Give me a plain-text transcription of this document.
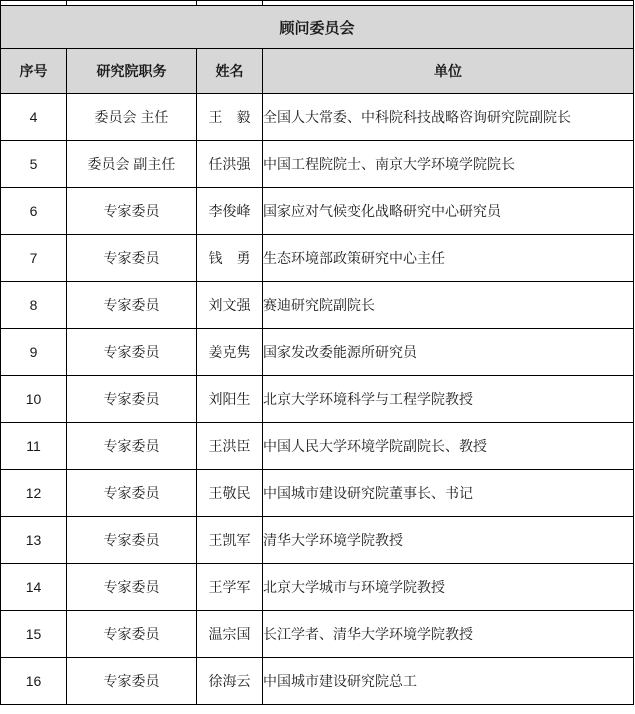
顾问委员会			
序号	研究院职务	姓名	单位
4	委员会 主任	王　毅	全国人大常委、中科院科技战略咨询研究院副院长
5	委员会 副主任	任洪强	中国工程院院士、南京大学环境学院院长
6	专家委员	李俊峰	国家应对气候变化战略研究中心研究员
7	专家委员	钱　勇	生态环境部政策研究中心主任
8	专家委员	刘文强	赛迪研究院副院长
9	专家委员	姜克隽	国家发改委能源所研究员
10	专家委员	刘阳生	北京大学环境科学与工程学院教授
11	专家委员	王洪臣	中国人民大学环境学院副院长、教授
12	专家委员	王敬民	中国城市建设研究院董事长、书记
13	专家委员	王凯军	清华大学环境学院教授
14	专家委员	王学军	北京大学城市与环境学院教授
15	专家委员	温宗国	长江学者、清华大学环境学院教授
16	专家委员	徐海云	中国城市建设研究院总工
